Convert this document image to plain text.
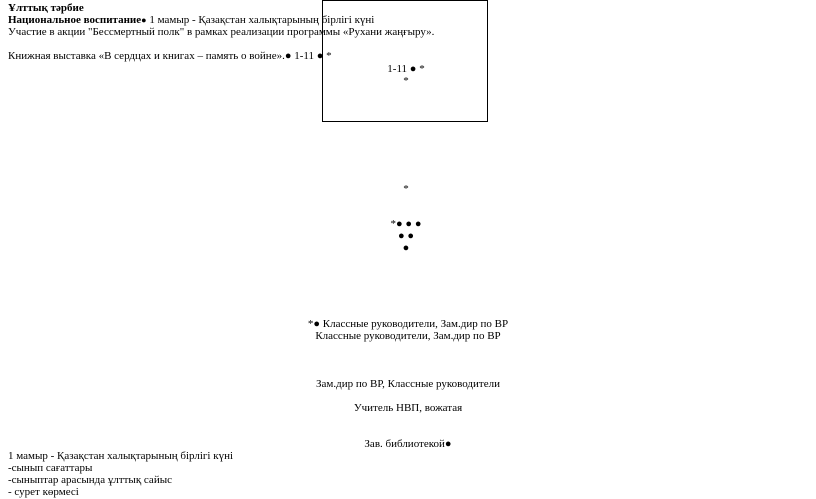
1-11 ● *
*
Ұлттық тәрбие
Национальное воспитание● 1 мамыр - Қазақстан халықтарының бірлігі күні
Участие в акции "Бессмертный полк" в рамках реализации программы «Рухани жаңғыру».
Книжная выставка «В сердцах и книгах – память о войне».● 1-11 ● *
*
*● ● ●
● ●
●
*● Классные руководители, Зам.дир по ВР
Классные руководители, Зам.дир по ВР
Зам.дир по ВР, Классные руководители
Учитель НВП, вожатая
Зав. библиотекой●
1 мамыр - Қазақстан халықтарының бірлігі күні
-сынып сағаттары
-сыныптар арасында ұлттық сайыс
- сурет көрмесі
